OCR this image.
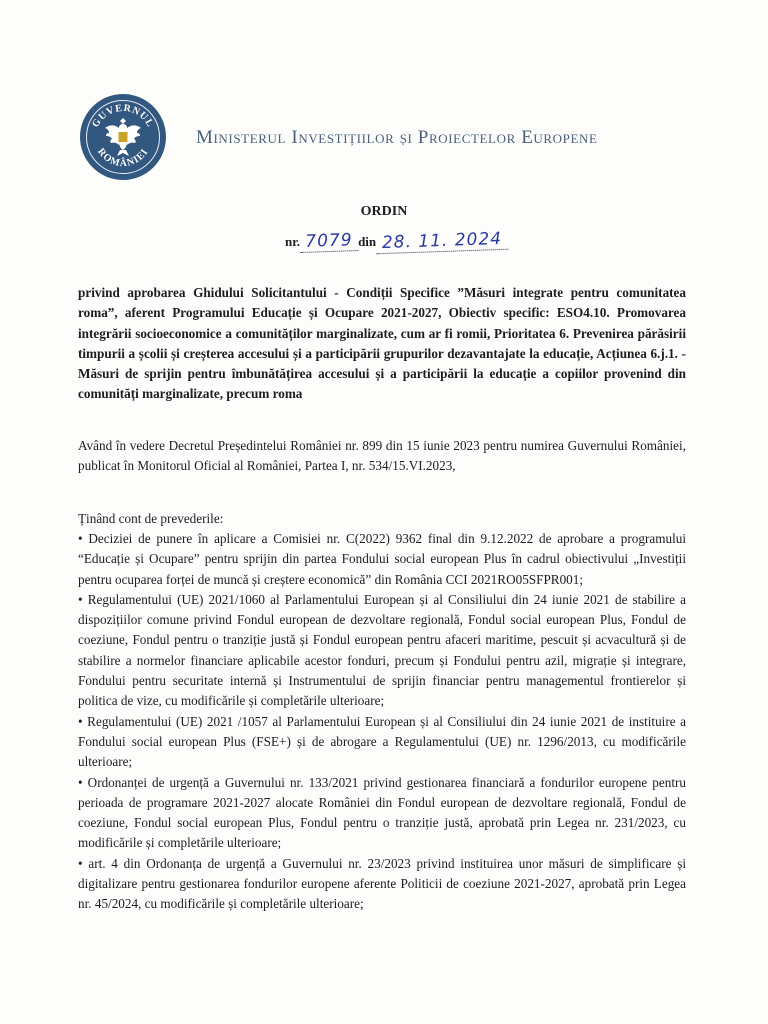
GUVERNUL
ROMÂNIEI
Ministerul Investițiilor și Proiectelor Europene
ORDIN
nr. 7079 din 28. 11. 2024

privind aprobarea Ghidului Solicitantului - Condiții Specifice ”Măsuri integrate pentru comunitatea roma”, aferent Programului Educație și Ocupare 2021-2027, Obiectiv specific: ESO4.10. Promovarea integrării socioeconomice a comunităților marginalizate, cum ar fi romii, Prioritatea 6. Prevenirea părăsirii timpurii a școlii și creșterea accesului și a participării grupurilor dezavantajate la educație, Acțiunea 6.j.1. - Măsuri de sprijin pentru îmbunătățirea accesului și a participării la educație a copiilor provenind din comunități marginalizate, precum roma

Având în vedere Decretul Președintelui României nr. 899 din 15 iunie 2023 pentru numirea Guvernului României, publicat în Monitorul Oficial al României, Partea I, nr. 534/15.VI.2023,

Ținând cont de prevederile:

• Deciziei de punere în aplicare a Comisiei nr. C(2022) 9362 final din 9.12.2022 de aprobare a programului “Educație și Ocupare” pentru sprijin din partea Fondului social european Plus în cadrul obiectivului „Investiții pentru ocuparea forței de muncă și creștere economică” din România CCI 2021RO05SFPR001;

• Regulamentului (UE) 2021/1060 al Parlamentului European și al Consiliului din 24 iunie 2021 de stabilire a dispozițiilor comune privind Fondul european de dezvoltare regională, Fondul social european Plus, Fondul de coeziune, Fondul pentru o tranziție justă și Fondul european pentru afaceri maritime, pescuit și acvacultură și de stabilire a normelor financiare aplicabile acestor fonduri, precum și Fondului pentru azil, migrație și integrare, Fondului pentru securitate internă și Instrumentului de sprijin financiar pentru managementul frontierelor și politica de vize, cu modificările și completările ulterioare;

• Regulamentului (UE) 2021 /1057 al Parlamentului European și al Consiliului din 24 iunie 2021 de instituire a Fondului social european Plus (FSE+) și de abrogare a Regulamentului (UE) nr. 1296/2013, cu modificările ulterioare;

• Ordonanței de urgență a Guvernului nr. 133/2021 privind gestionarea financiară a fondurilor europene pentru perioada de programare 2021-2027 alocate României din Fondul european de dezvoltare regională, Fondul de coeziune, Fondul social european Plus, Fondul pentru o tranziție justă, aprobată prin Legea nr. 231/2023, cu modificările și completările ulterioare;

• art. 4 din Ordonanța de urgență a Guvernului nr. 23/2023 privind instituirea unor măsuri de simplificare și digitalizare pentru gestionarea fondurilor europene aferente Politicii de coeziune 2021-2027, aprobată prin Legea nr. 45/2024, cu modificările și completările ulterioare;
